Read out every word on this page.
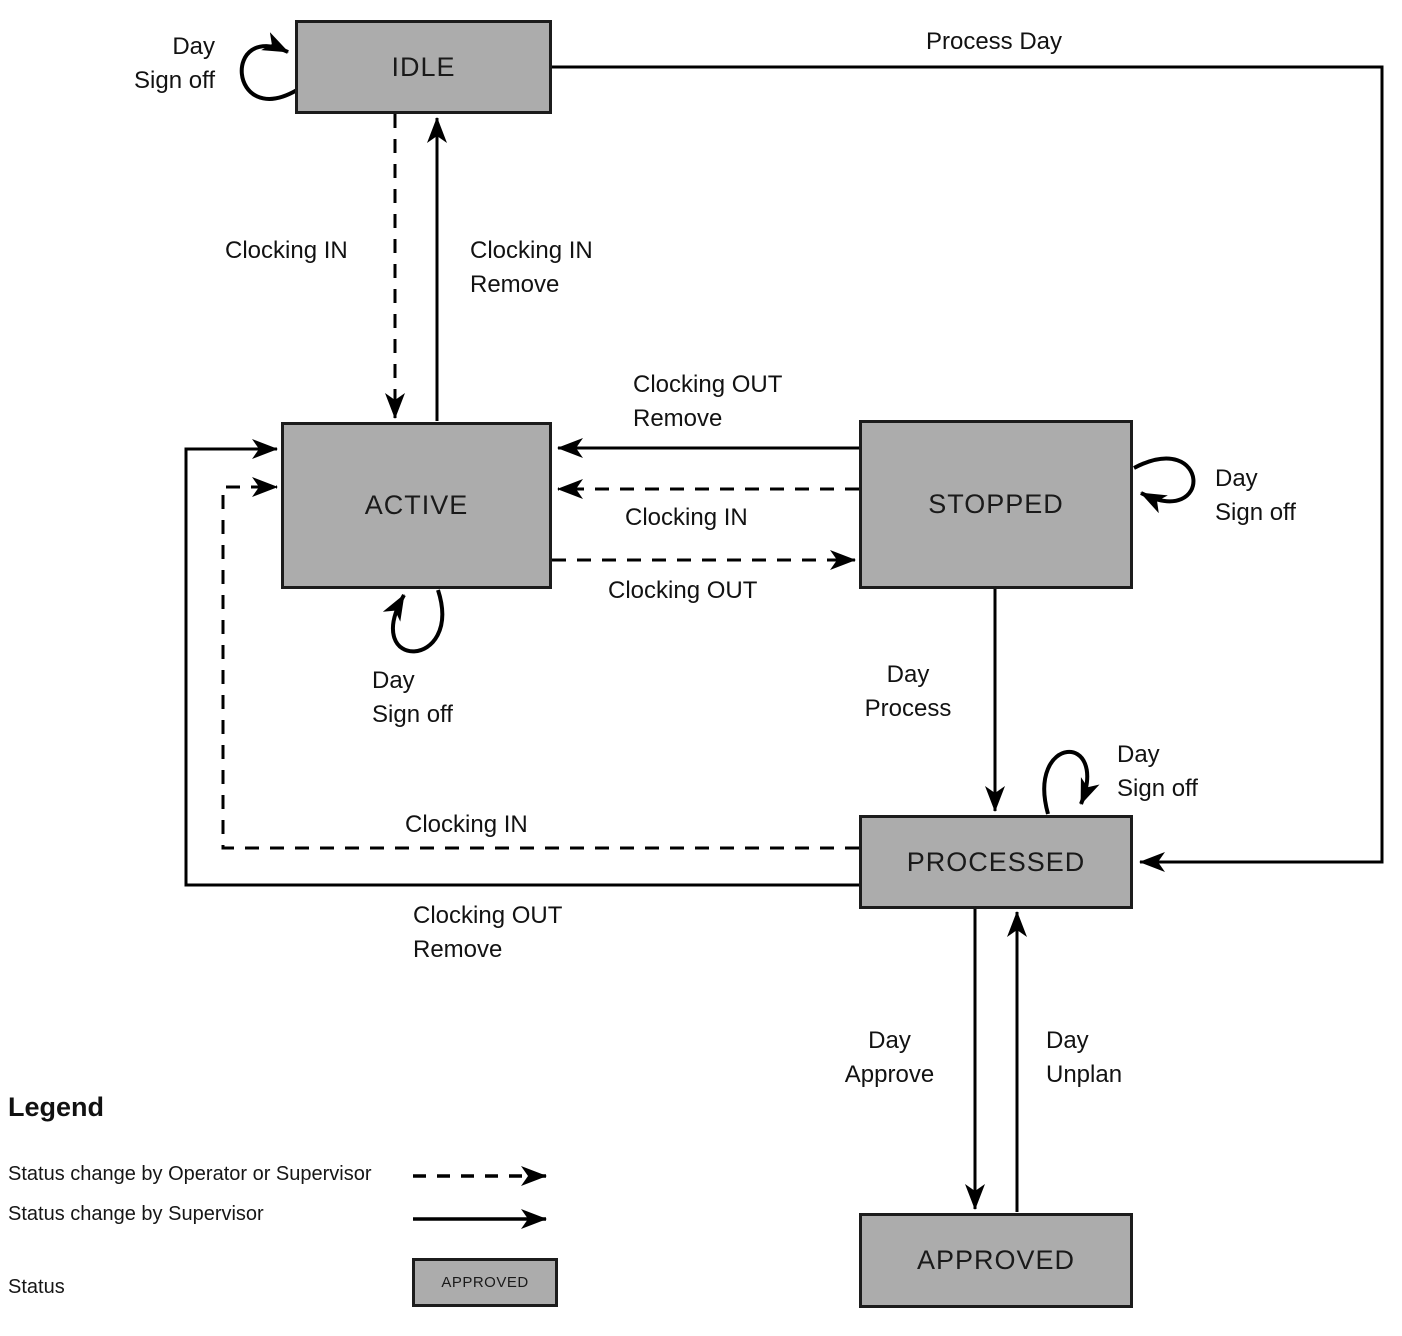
IDLE
ACTIVE	STOPPED
PROCESSED
APPROVED
Day
Sign off
Process Day
Clocking IN	Clocking IN
Remove
Clocking OUT
Remove
Clocking IN
Clocking OUT
Day
Sign off
Day
Sign off
Day
Process
Day
Sign off
Clocking IN
Clocking OUT
Remove
Day
Approve
Day
Unplan
Legend
Status change by Operator or Supervisor
Status change by Supervisor
Status	APPROVED
